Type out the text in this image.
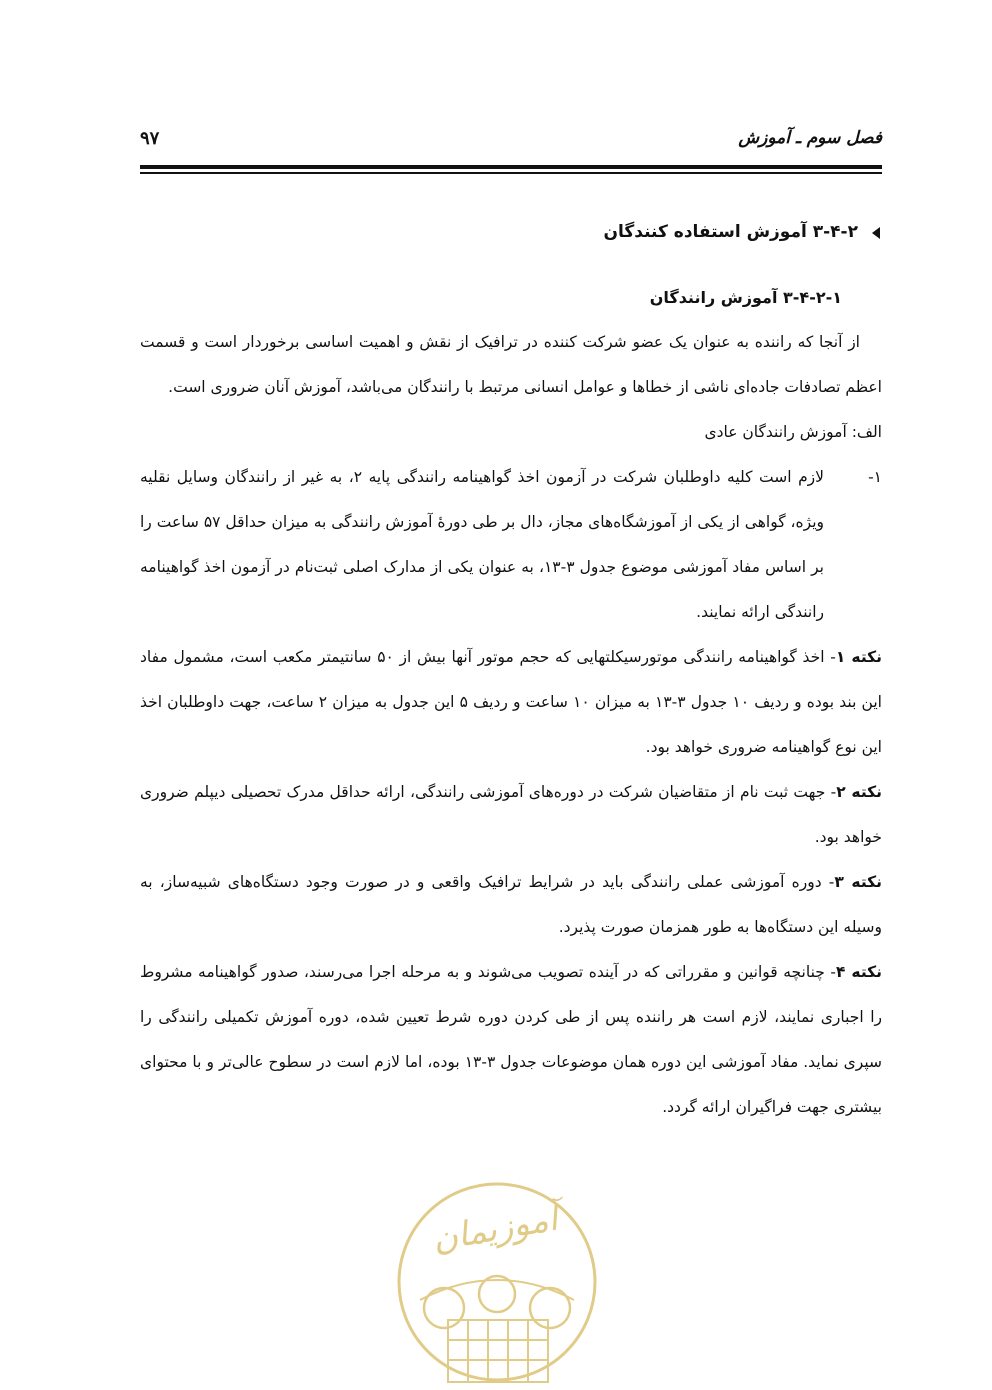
فصل سوم ـ آموزش
۹۷
۳-۴-۲ آموزش استفاده کنندگان
۳-۴-۲-۱ آموزش رانندگان

از آنجا که راننده به عنوان یک عضو شرکت کننده در ترافیک از نقش و اهمیت اساسی برخوردار است و قسمت اعظم تصادفات جاده‌ای ناشی از خطاها و عوامل انسانی مرتبط با رانندگان می‌باشد، آموزش آنان ضروری است.

الف: آموزش رانندگان عادی

۱-
لازم است کلیه داوطلبان شرکت در آزمون اخذ گواهینامه رانندگی پایه ۲، به غیر از رانندگان وسایل نقلیه ویژه، گواهی از یکی از آموزشگاه‌های مجاز، دال بر طی دورهٔ آموزش رانندگی به میزان حداقل ۵۷ ساعت را بر اساس مفاد آموزشی موضوع جدول ۳-۱۳، به عنوان یکی از مدارک اصلی ثبت‌نام در آزمون اخذ گواهینامه رانندگی ارائه نمایند.

نکته ۱- اخذ گواهینامه رانندگی موتورسیکلتهایی که حجم موتور آنها بیش از ۵۰ سانتیمتر مکعب است، مشمول مفاد این بند بوده و ردیف ۱۰ جدول ۳-۱۳ به میزان ۱۰ ساعت و ردیف ۵ این جدول به میزان ۲ ساعت، جهت داوطلبان اخذ این نوع گواهینامه ضروری خواهد بود.

نکته ۲- جهت ثبت نام از متقاضیان شرکت در دوره‌های آموزشی رانندگی، ارائه حداقل مدرک تحصیلی دیپلم ضروری خواهد بود.

نکته ۳- دوره آموزشی عملی رانندگی باید در شرایط ترافیک واقعی و در صورت وجود دستگاه‌های شبیه‌ساز، به وسیله این دستگاه‌ها به طور همزمان صورت پذیرد.

نکته ۴- چنانچه قوانین و مقرراتی که در آینده تصویب می‌شوند و به مرحله اجرا می‌رسند، صدور گواهینامه مشروط را اجباری نمایند، لازم است هر راننده پس از طی کردن دوره شرط تعیین شده، دوره آموزش تکمیلی رانندگی را سپری نماید. مفاد آموزشی این دوره همان موضوعات جدول ۳-۱۳ بوده، اما لازم است در سطوح عالی‌تر و با محتوای بیشتری جهت فراگیران ارائه گردد.

آموزیمان
